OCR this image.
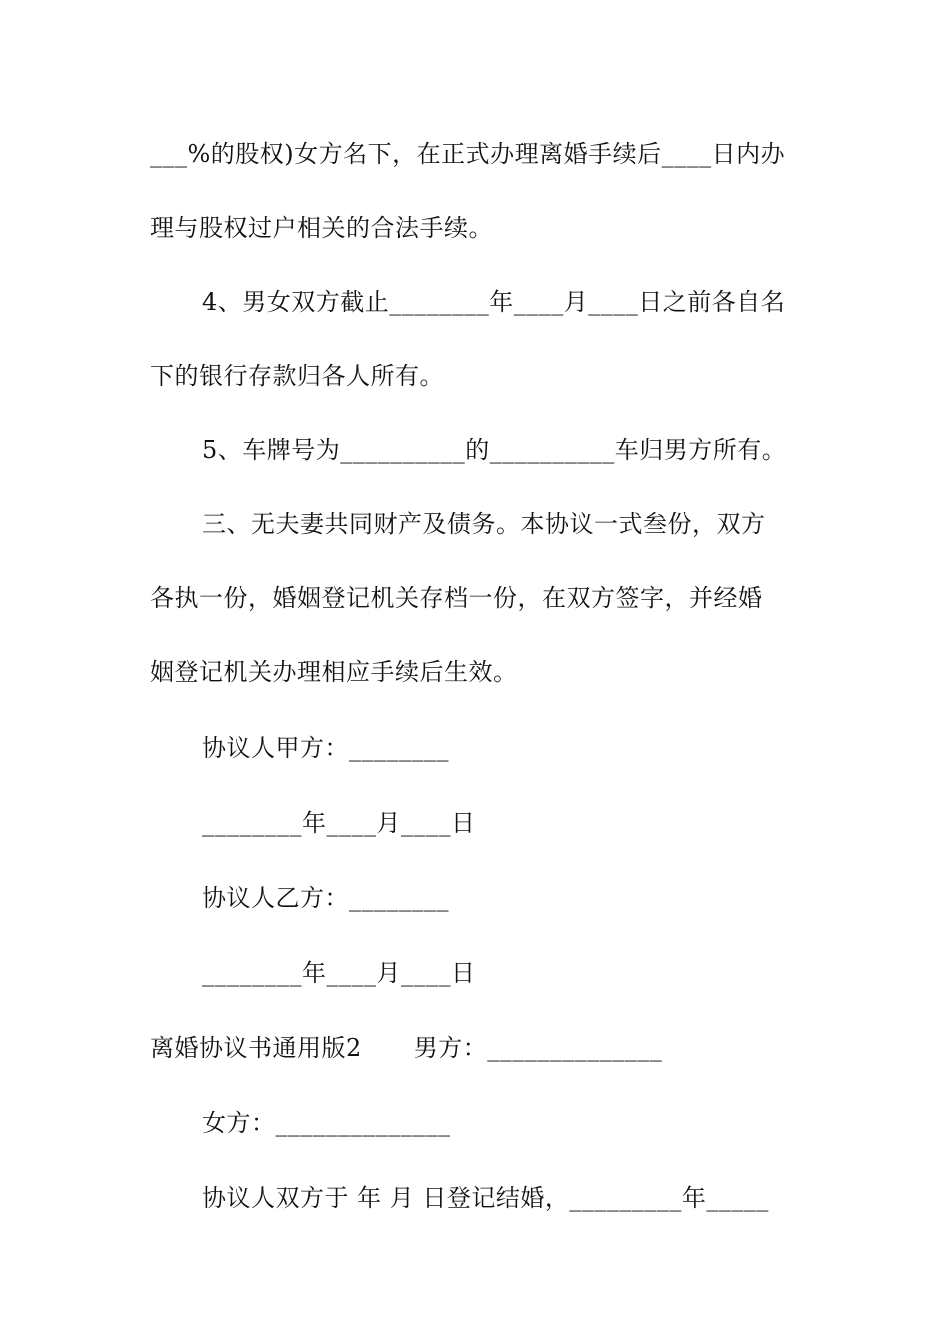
___%的股权)女方名下，在正式办理离婚手续后____日内办
理与股权过户相关的合法手续。
4、男女双方截止________年____月____日之前各自名
下的银行存款归各人所有。
5、车牌号为__________的__________车归男方所有。
三、无夫妻共同财产及债务。本协议一式叁份，双方
各执一份，婚姻登记机关存档一份，在双方签字，并经婚
姻登记机关办理相应手续后生效。
协议人甲方：________
________年____月____日
协议人乙方：________
________年____月____日
离婚协议书通用版2 男方：______________
女方：______________
协议人双方于 年 月 日登记结婚，_________年_____
